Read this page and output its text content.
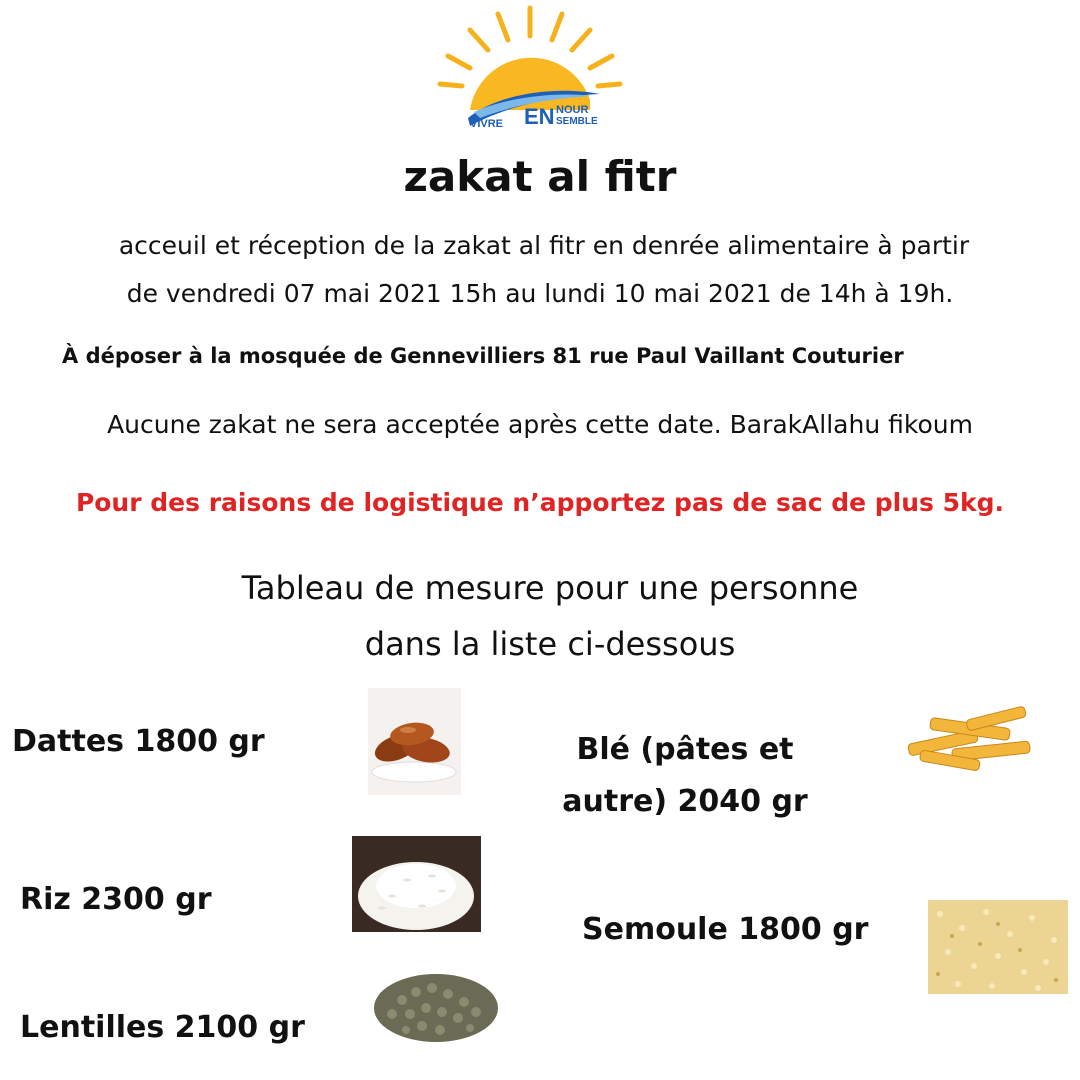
NOUR
EN
VIVRE	SEMBLE
zakat al fitr
acceuil et réception de la zakat al fitr en denrée alimentaire à partir
de vendredi 07 mai 2021 15h au lundi 10 mai 2021 de 14h à 19h.
À déposer à la mosquée de Gennevilliers 81 rue Paul Vaillant Couturier
Aucune zakat ne sera acceptée après cette date. BarakAllahu fikoum
Pour des raisons de logistique n’apportez pas de sac de plus 5kg.
Tableau de mesure pour une personne
dans la liste ci-dessous
Dattes 1800 gr	Blé (pâtes et
autre) 2040 gr
Riz 2300 gr
Semoule 1800 gr
Lentilles 2100 gr
